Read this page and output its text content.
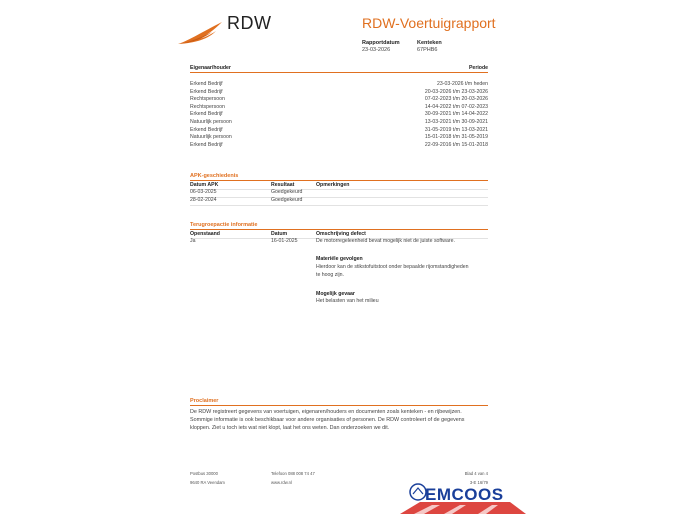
RDW	RDW-Voertuigrapport
Rapportdatum
23-03-2026
Kenteken
67PHB6
Eigenaar/houder	Periode
Erkend Bedrijf	23-03-2026 t/m heden
Erkend Bedrijf	20-03-2026 t/m 23-03-2026
Rechtspersoon	07-02-2023 t/m 20-03-2026
Rechtspersoon	14-04-2022 t/m 07-02-2023
Erkend Bedrijf	30-09-2021 t/m 14-04-2022
Natuurlijk persoon	13-03-2021 t/m 30-09-2021
Erkend Bedrijf	31-05-2019 t/m 13-03-2021
Natuurlijk persoon	15-01-2018 t/m 31-05-2019
Erkend Bedrijf	22-09-2016 t/m 15-01-2018
APK-geschiedenis
Datum APK	Resultaat	Opmerkingen
06-03-2025	Goedgekeurd
28-02-2024	Goedgekeurd
Terugroepactie informatie
Openstaand	Datum	Omschrijving defect
Ja	16-01-2025	De motorregeleenheid bevat mogelijk niet de juiste software.
Materiële gevolgen
Hierdoor kan de stikstofuitstoot onder bepaalde rijomstandigheden
te hoog zijn.
Mogelijk gevaar
Het belasten van het milieu
Proclaimer
De RDW registreert gegevens van voertuigen, eigenaren/houders en documenten zoals kenteken - en rijbewijzen.
Sommige informatie is ook beschikbaar voor andere organisaties of personen. De RDW controleert of de gegevens
kloppen. Ziet u toch iets wat niet klopt, laat het ons weten. Dan onderzoeken we dit.
Postbus 30000
9640 RA Veendam
Telefoon 088 008 74 47
www.rdw.nl
Blad 4 van 4
3-E 16/79
EMCOOS
